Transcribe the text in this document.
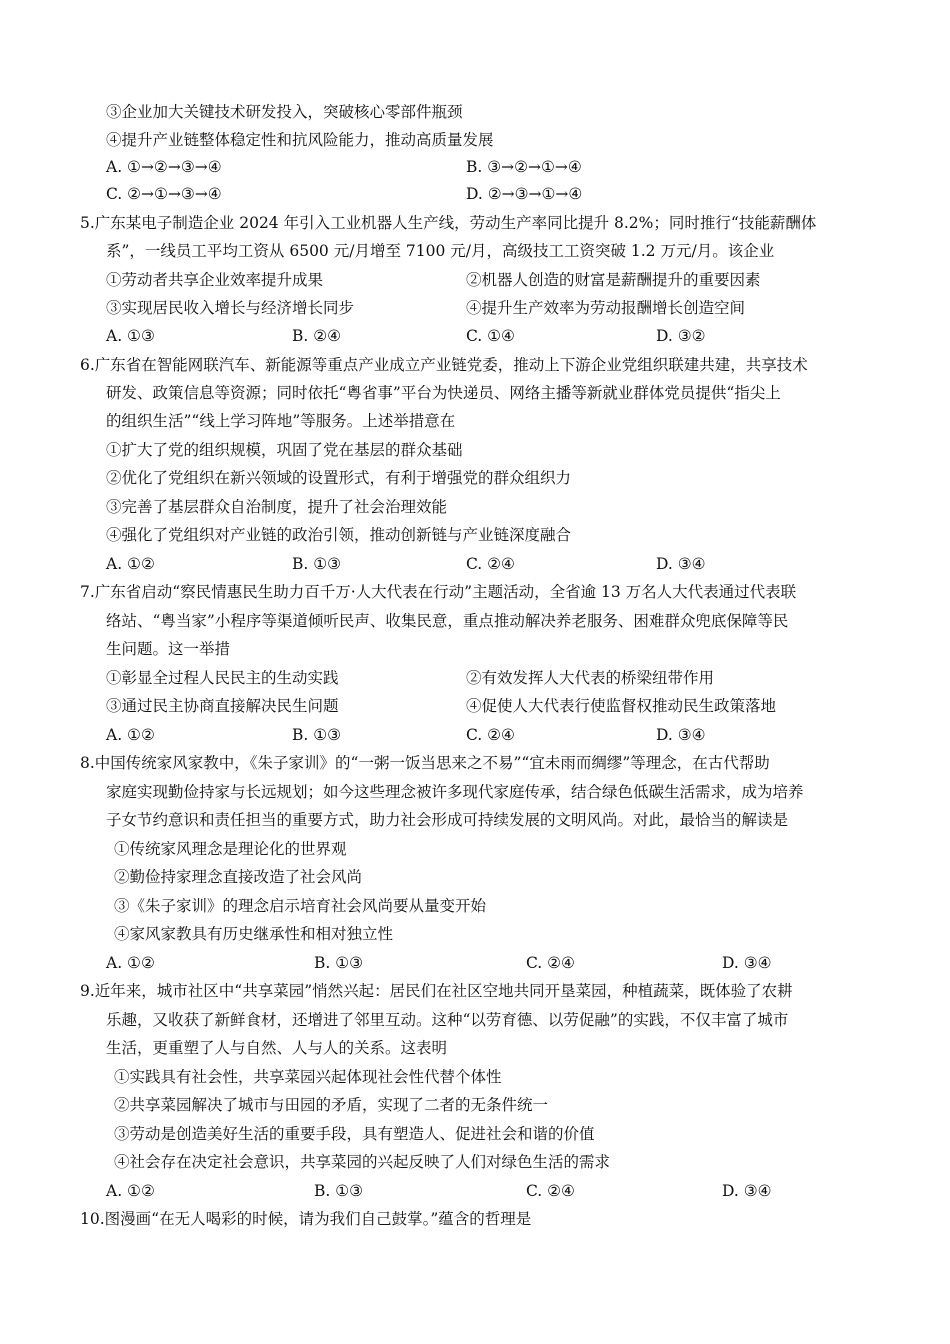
③企业加大关键技术研发投入，突破核心零部件瓶颈
④提升产业链整体稳定性和抗风险能力，推动高质量发展
A. ①→②→③→④	B. ③→②→①→④
C. ②→①→③→④	D. ②→③→①→④
5.广东某电子制造企业 2024 年引入工业机器人生产线，劳动生产率同比提升 8.2%；同时推行“技能薪酬体
系”，一线员工平均工资从 6500 元/月增至 7100 元/月，高级技工工资突破 1.2 万元/月。该企业
①劳动者共享企业效率提升成果	②机器人创造的财富是薪酬提升的重要因素
③实现居民收入增长与经济增长同步	④提升生产效率为劳动报酬增长创造空间
A. ①③	B. ②④	C. ①④	D. ③②
6.广东省在智能网联汽车、新能源等重点产业成立产业链党委，推动上下游企业党组织联建共建，共享技术
研发、政策信息等资源；同时依托“粤省事”平台为快递员、网络主播等新就业群体党员提供“指尖上
的组织生活”“线上学习阵地”等服务。上述举措意在
①扩大了党的组织规模，巩固了党在基层的群众基础
②优化了党组织在新兴领域的设置形式，有利于增强党的群众组织力
③完善了基层群众自治制度，提升了社会治理效能
④强化了党组织对产业链的政治引领，推动创新链与产业链深度融合
A. ①②	B. ①③	C. ②④	D. ③④
7.广东省启动“察民情惠民生助力百千万·人大代表在行动”主题活动，全省逾 13 万名人大代表通过代表联
络站、“粤当家”小程序等渠道倾听民声、收集民意，重点推动解决养老服务、困难群众兜底保障等民
生问题。这一举措
①彰显全过程人民民主的生动实践	②有效发挥人大代表的桥梁纽带作用
③通过民主协商直接解决民生问题	④促使人大代表行使监督权推动民生政策落地
A. ①②	B. ①③	C. ②④	D. ③④
8.中国传统家风家教中，《朱子家训》的“一粥一饭当思来之不易”“宜未雨而绸缪”等理念，在古代帮助
家庭实现勤俭持家与长远规划；如今这些理念被许多现代家庭传承，结合绿色低碳生活需求，成为培养
子女节约意识和责任担当的重要方式，助力社会形成可持续发展的文明风尚。对此，最恰当的解读是
①传统家风理念是理论化的世界观
②勤俭持家理念直接改造了社会风尚
③《朱子家训》的理念启示培育社会风尚要从量变开始
④家风家教具有历史继承性和相对独立性
A. ①②	B. ①③	C. ②④	D. ③④
9.近年来，城市社区中“共享菜园”悄然兴起：居民们在社区空地共同开垦菜园，种植蔬菜，既体验了农耕
乐趣，又收获了新鲜食材，还增进了邻里互动。这种“以劳育德、以劳促融”的实践，不仅丰富了城市
生活，更重塑了人与自然、人与人的关系。这表明
①实践具有社会性，共享菜园兴起体现社会性代替个体性
②共享菜园解决了城市与田园的矛盾，实现了二者的无条件统一
③劳动是创造美好生活的重要手段，具有塑造人、促进社会和谐的价值
④社会存在决定社会意识，共享菜园的兴起反映了人们对绿色生活的需求
A. ①②	B. ①③	C. ②④	D. ③④
10.图漫画“在无人喝彩的时候，请为我们自己鼓掌。”蕴含的哲理是
